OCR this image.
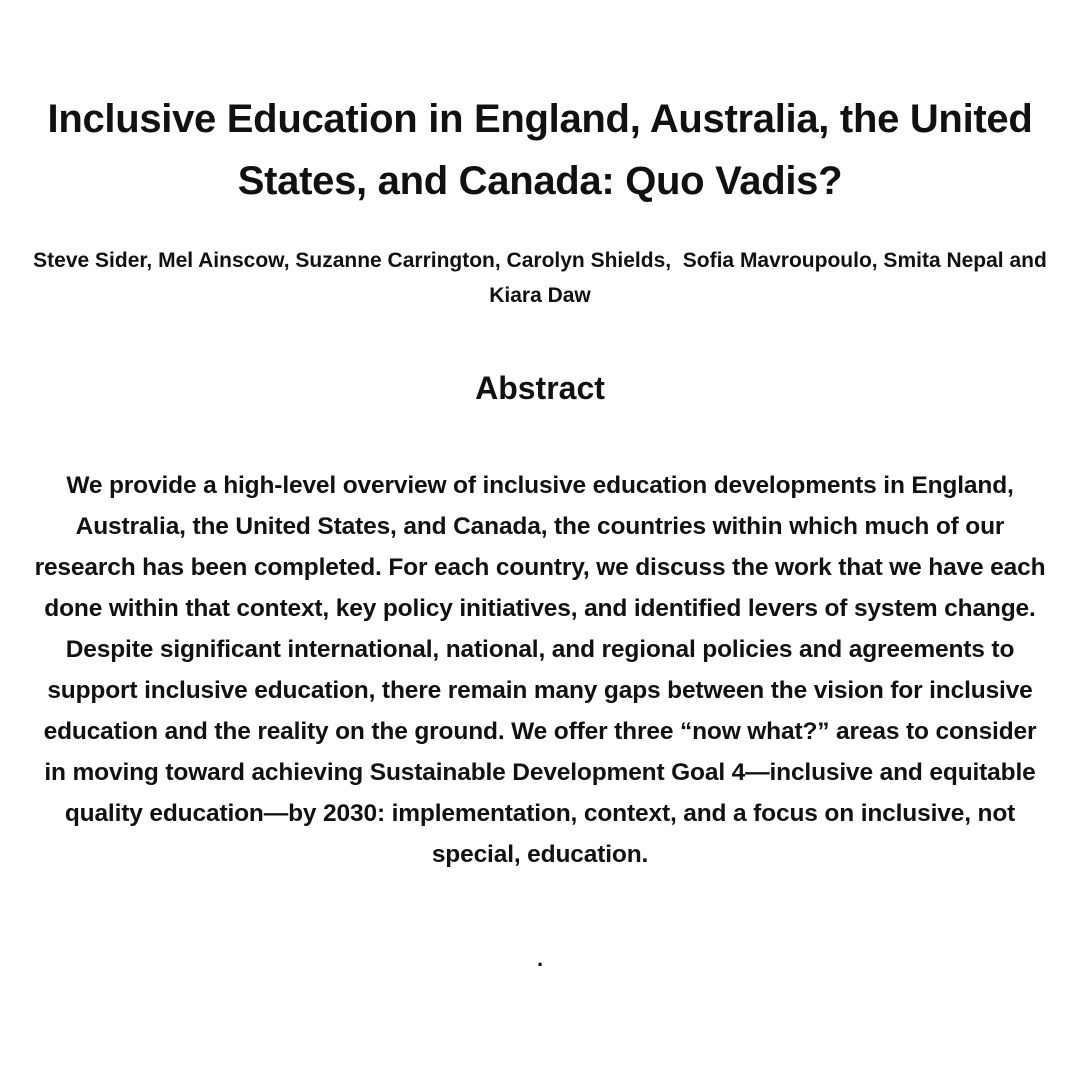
Inclusive Education in England, Australia, the United States, and Canada: Quo Vadis?

Steve Sider, Mel Ainscow, Suzanne Carrington, Carolyn Shields,  Sofia Mavroupoulo, Smita Nepal and  Kiara Daw

Abstract

We provide a high-level overview of inclusive education developments in England, Australia, the United States, and Canada, the countries within which much of our research has been completed. For each country, we discuss the work that we have each done within that context, key policy initiatives, and identified levers of system change. Despite significant international, national, and regional policies and agreements to support inclusive education, there remain many gaps between the vision for inclusive education and the reality on the ground. We offer three “now what?” areas to consider in moving toward achieving Sustainable Development Goal 4—inclusive and equitable quality education—by 2030: implementation, context, and a focus on inclusive, not special, education.

.
